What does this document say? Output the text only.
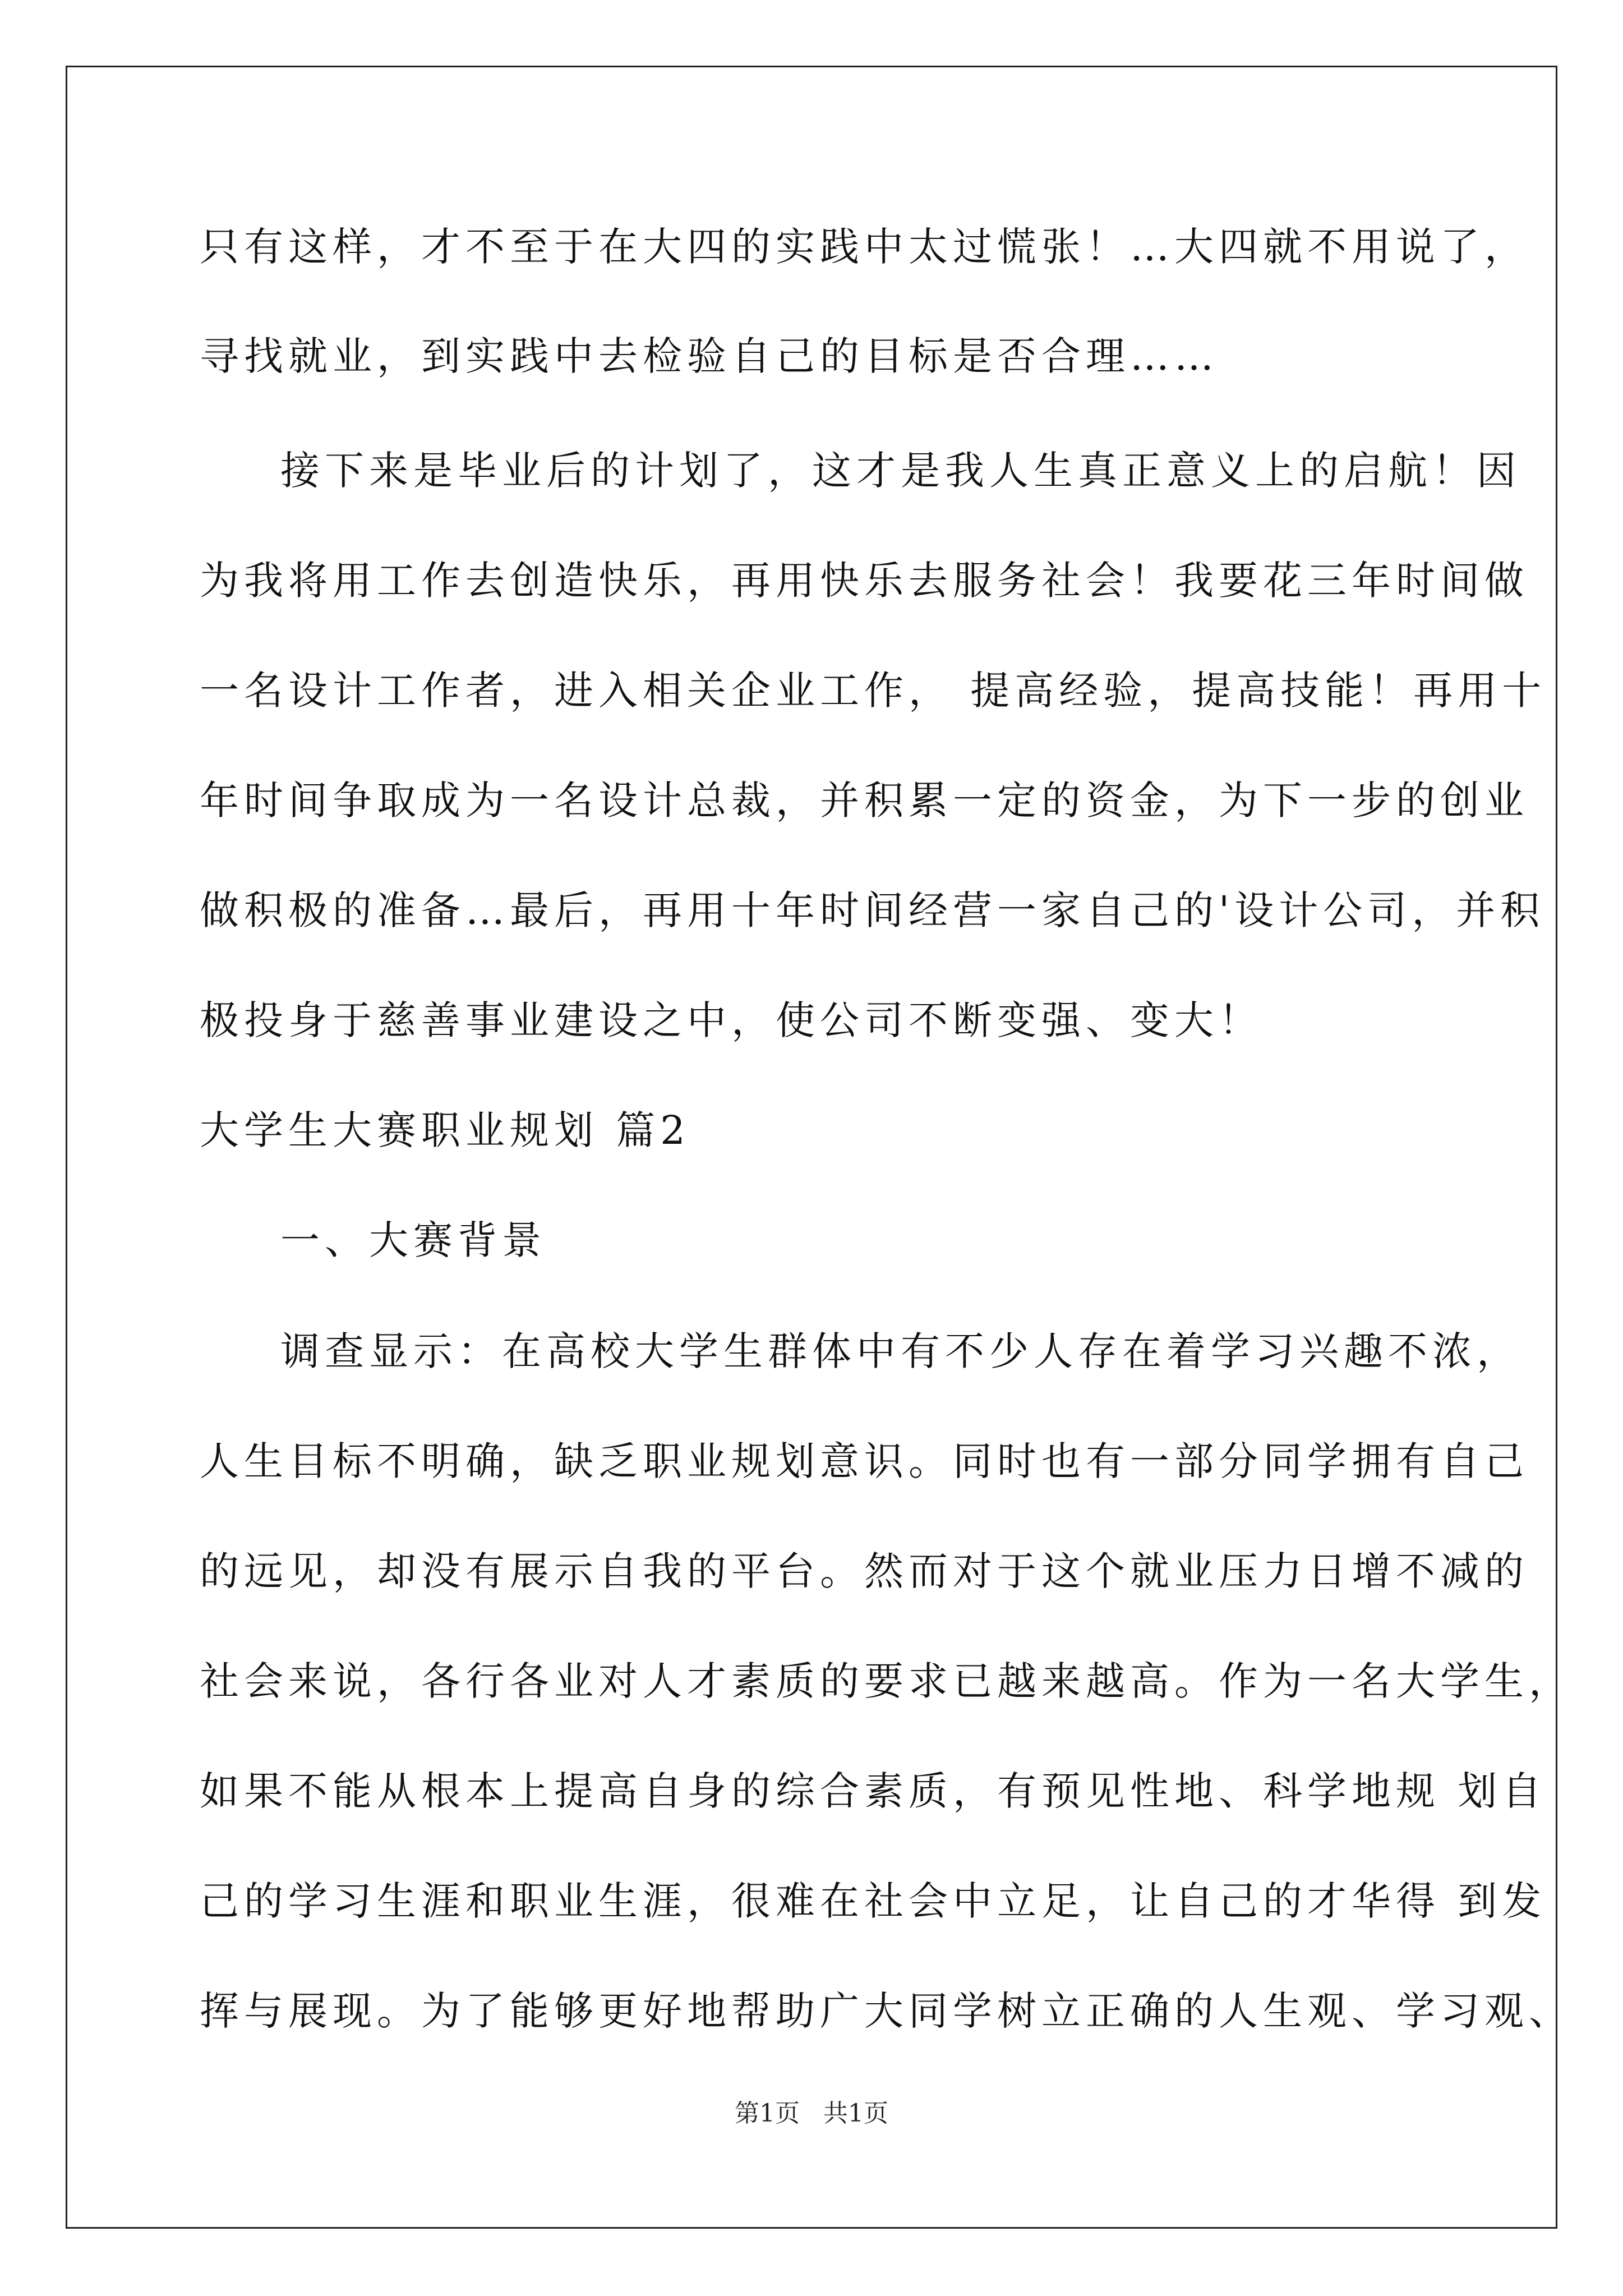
只有这样，才不至于在大四的实践中太过慌张！…大四就不用说了，

寻找就业，到实践中去检验自己的目标是否合理……

接下来是毕业后的计划了，这才是我人生真正意义上的启航！因

为我将用工作去创造快乐，再用快乐去服务社会！我要花三年时间做

一名设计工作者，进入相关企业工作， 提高经验，提高技能！再用十

年时间争取成为一名设计总裁，并积累一定的资金，为下一步的创业

做积极的准备…最后，再用十年时间经营一家自己的'设计公司，并积

极投身于慈善事业建设之中，使公司不断变强、变大！

大学生大赛职业规划 篇2

一、大赛背景

调查显示：在高校大学生群体中有不少人存在着学习兴趣不浓，

人生目标不明确，缺乏职业规划意识。同时也有一部分同学拥有自己

的远见，却没有展示自我的平台。然而对于这个就业压力日增不减的

社会来说，各行各业对人才素质的要求已越来越高。作为一名大学生，

如果不能从根本上提高自身的综合素质，有预见性地、科学地规 划自

己的学习生涯和职业生涯，很难在社会中立足，让自己的才华得 到发

挥与展现。为了能够更好地帮助广大同学树立正确的人生观、学习观、

第1页   共1页
